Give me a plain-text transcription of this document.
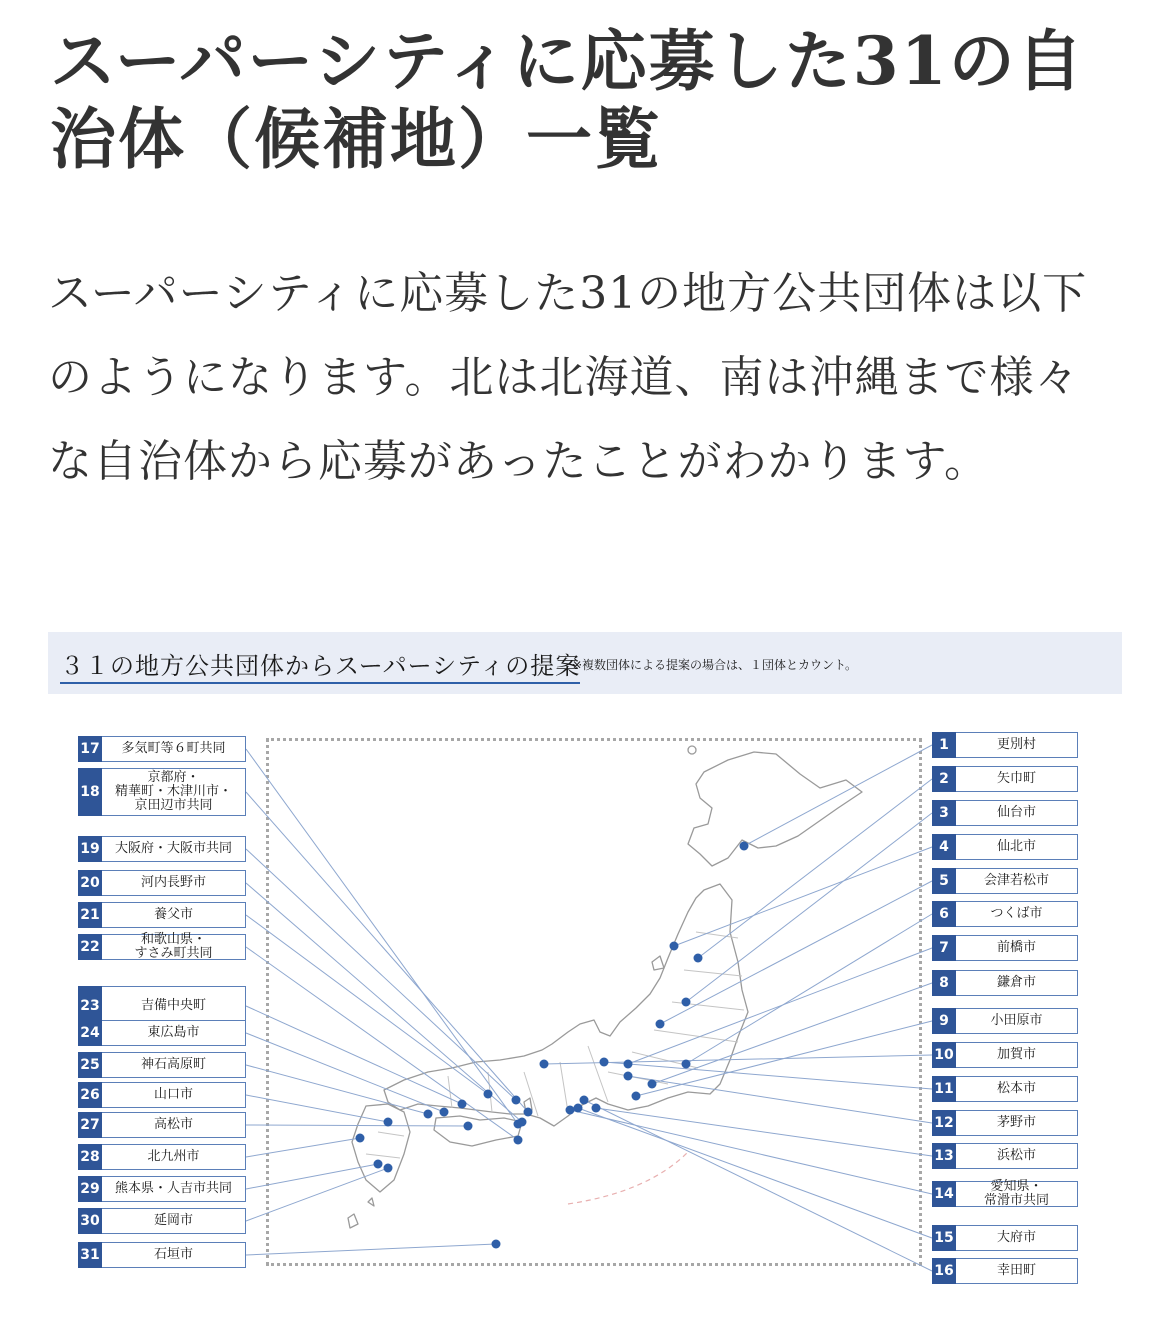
スーパーシティに応募した31の自治体（候補地）一覧
スーパーシティに応募した31の地方公共団体は以下のようになります。北は北海道、南は沖縄まで様々な自治体から応募があったことがわかります。
３１の地方公共団体からスーパーシティの提案
※複数団体による提案の場合は、１団体とカウント。
1	更別村
2	矢巾町
3	仙台市
4	仙北市
5	会津若松市
6	つくば市
7	前橋市
8	鎌倉市
9	小田原市
10	加賀市
11	松本市
12	茅野市
13	浜松市
14	愛知県・
常滑市共同
15	大府市
16	幸田町
17	多気町等６町共同
18
京都府・
精華町・木津川市・
京田辺市共同
19	大阪府・大阪市共同
20	河内長野市
21	養父市
22	和歌山県・
すさみ町共同
23	吉備中央町
24	東広島市
25	神石高原町
26	山口市
27	高松市
28	北九州市
29	熊本県・人吉市共同
30	延岡市
31	石垣市
